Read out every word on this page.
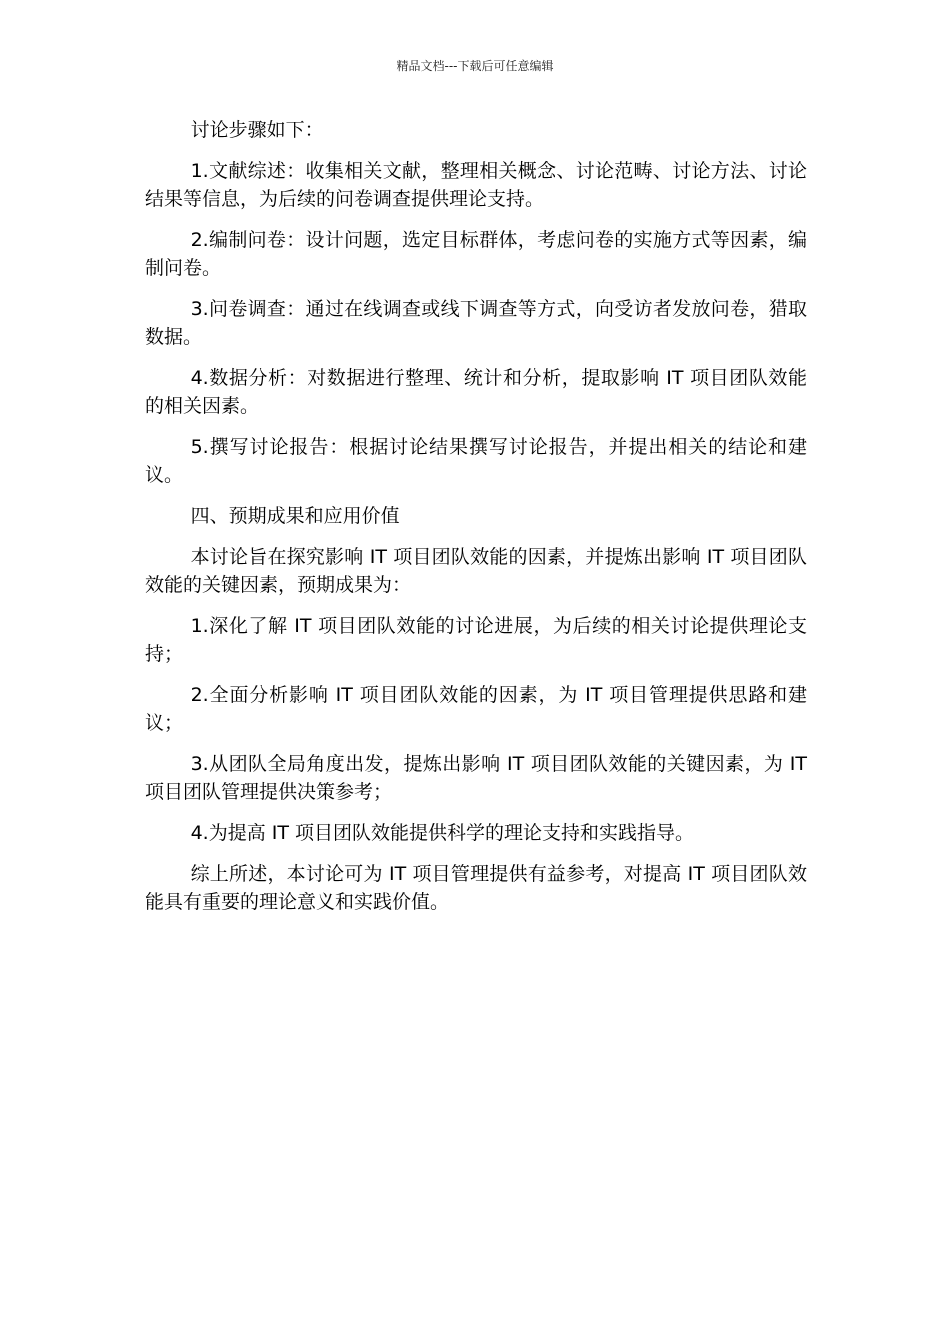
精品文档---下载后可任意编辑

讨论步骤如下：

1.文献综述：收集相关文献，整理相关概念、讨论范畴、讨论方法、讨论结果等信息，为后续的问卷调查提供理论支持。

2.编制问卷：设计问题，选定目标群体，考虑问卷的实施方式等因素，编制问卷。

3.问卷调查：通过在线调查或线下调查等方式，向受访者发放问卷，猎取数据。

4.数据分析：对数据进行整理、统计和分析，提取影响 IT 项目团队效能的相关因素。

5.撰写讨论报告：根据讨论结果撰写讨论报告，并提出相关的结论和建议。

四、预期成果和应用价值

本讨论旨在探究影响 IT 项目团队效能的因素，并提炼出影响 IT 项目团队效能的关键因素，预期成果为：

1.深化了解 IT 项目团队效能的讨论进展，为后续的相关讨论提供理论支持；

2.全面分析影响 IT 项目团队效能的因素，为 IT 项目管理提供思路和建议；

3.从团队全局角度出发，提炼出影响 IT 项目团队效能的关键因素，为 IT 项目团队管理提供决策参考；

4.为提高 IT 项目团队效能提供科学的理论支持和实践指导。

综上所述，本讨论可为 IT 项目管理提供有益参考，对提高 IT 项目团队效能具有重要的理论意义和实践价值。
